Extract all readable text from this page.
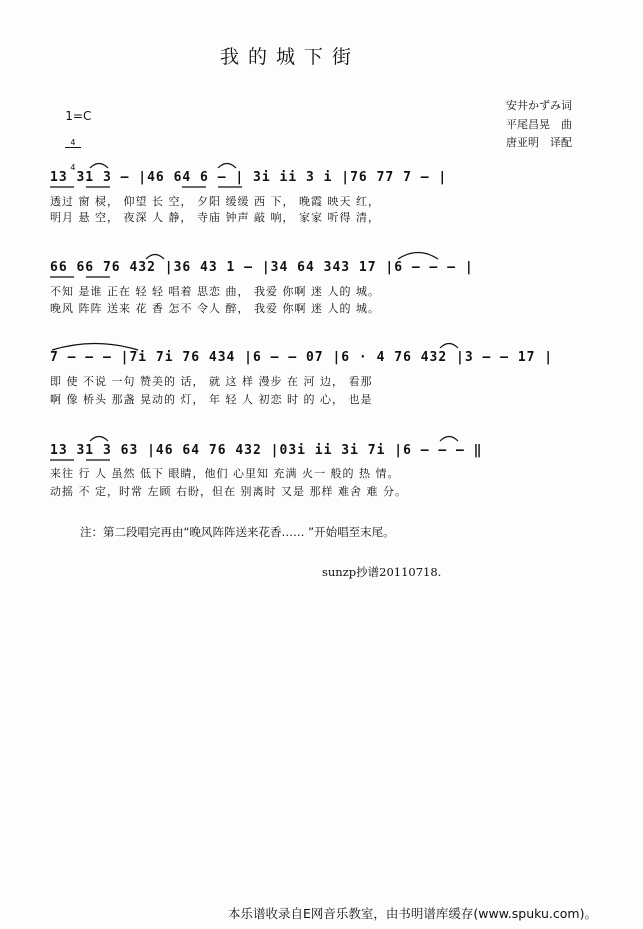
我的城下街

1=C

$\frac{4}{4}$

安井かずみ词
平尾昌晃　曲
唐亚明　译配
13 31 3 – |46 64 6 – | 3i ii 3 i |76 77 7 – |
透过 窗 棂， 仰望 长 空， 夕阳 缓缓 西 下， 晚霞 映天 红，
明月 悬 空， 夜深 人 静， 寺庙 钟声 敲 响， 家家 听得 清，
66 66 76 432 |36 43 1 – |34 64 343 17 |6 – – – |
不知 是谁 正在 轻 轻 唱着 思恋 曲， 我爱 你啊 迷 人的 城。
晚风 阵阵 送来 花 香 怎不 令人 醉， 我爱 你啊 迷 人的 城。
7 – – – |7i 7i 76 434 |6 – – 07 |6 · 4 76 432 |3 – – 17 |
即 使 不说 一句 赞美的 话， 就 这 样 漫步 在 河 边， 看那
啊 像 桥头 那盏 晃动的 灯， 年 轻 人 初恋 时 的 心， 也是
13 31 3 63 |46 64 76 432 |03i ii 3i 7i |6 – – – ‖
来往 行 人 虽然 低下 眼睛，他们 心里知 充满 火一 般的 热 情。
动摇 不 定，时常 左顾 右盼，但在 别离时 又是 那样 难舍 难 分。
注：第二段唱完再由“晚风阵阵送来花香…… ”开始唱至末尾。
sunzp抄谱20110718.
本乐谱收录自E网音乐教室，由书明谱库缓存(www.spuku.com)。
